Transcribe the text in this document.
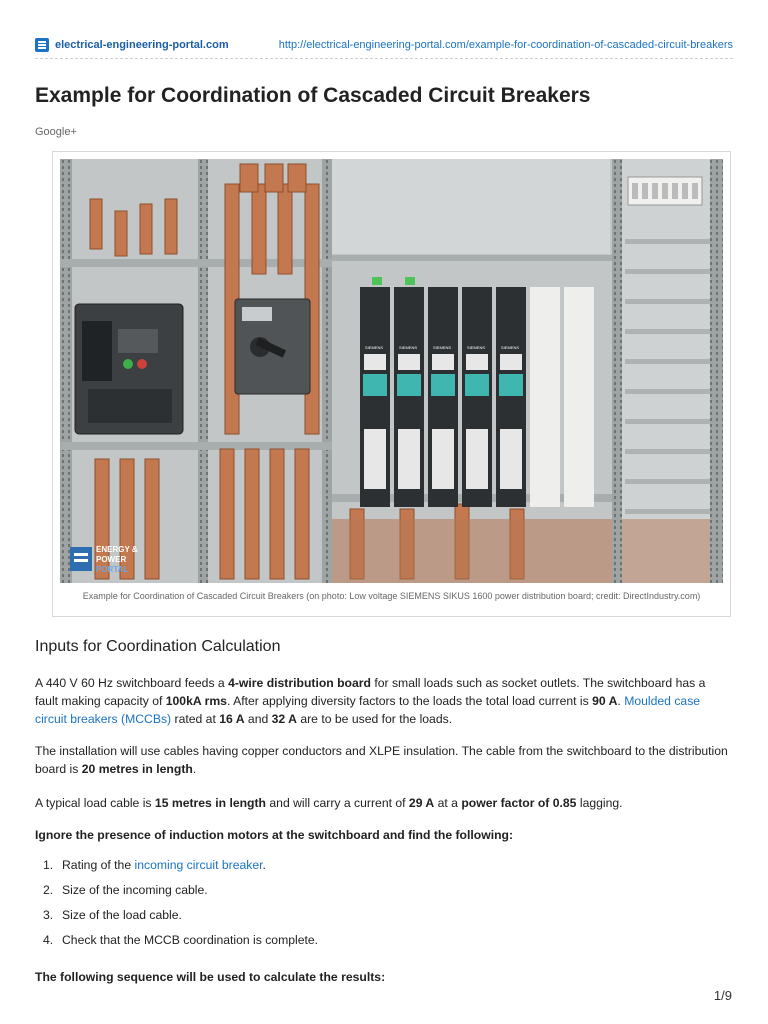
electrical-engineering-portal.com	http://electrical-engineering-portal.com/example-for-coordination-of-cascaded-circuit-breakers
Example for Coordination of Cascaded Circuit Breakers
Google+
SIEMENS	SIEMENS	SIEMENS	SIEMENS	SIEMENS
ENERGY &
POWER
PORTAL
Example for Coordination of Cascaded Circuit Breakers (on photo: Low voltage SIEMENS SIKUS 1600 power distribution board; credit: DirectIndustry.com)
Inputs for Coordination Calculation

A 440 V 60 Hz switchboard feeds a 4-wire distribution board for small loads such as socket outlets. The switchboard has a fault making capacity of 100kA rms. After applying diversity factors to the loads the total load current is 90 A. Moulded case circuit breakers (MCCBs) rated at 16 A and 32 A are to be used for the loads.

The installation will use cables having copper conductors and XLPE insulation. The cable from the switchboard to the distribution board is 20 metres in length.

A typical load cable is 15 metres in length and will carry a current of 29 A at a power factor of 0.85 lagging.

Ignore the presence of induction motors at the switchboard and find the following:

1. Rating of the incoming circuit breaker.
2. Size of the incoming cable.
3. Size of the load cable.
4. Check that the MCCB coordination is complete.

The following sequence will be used to calculate the results:

1/9
